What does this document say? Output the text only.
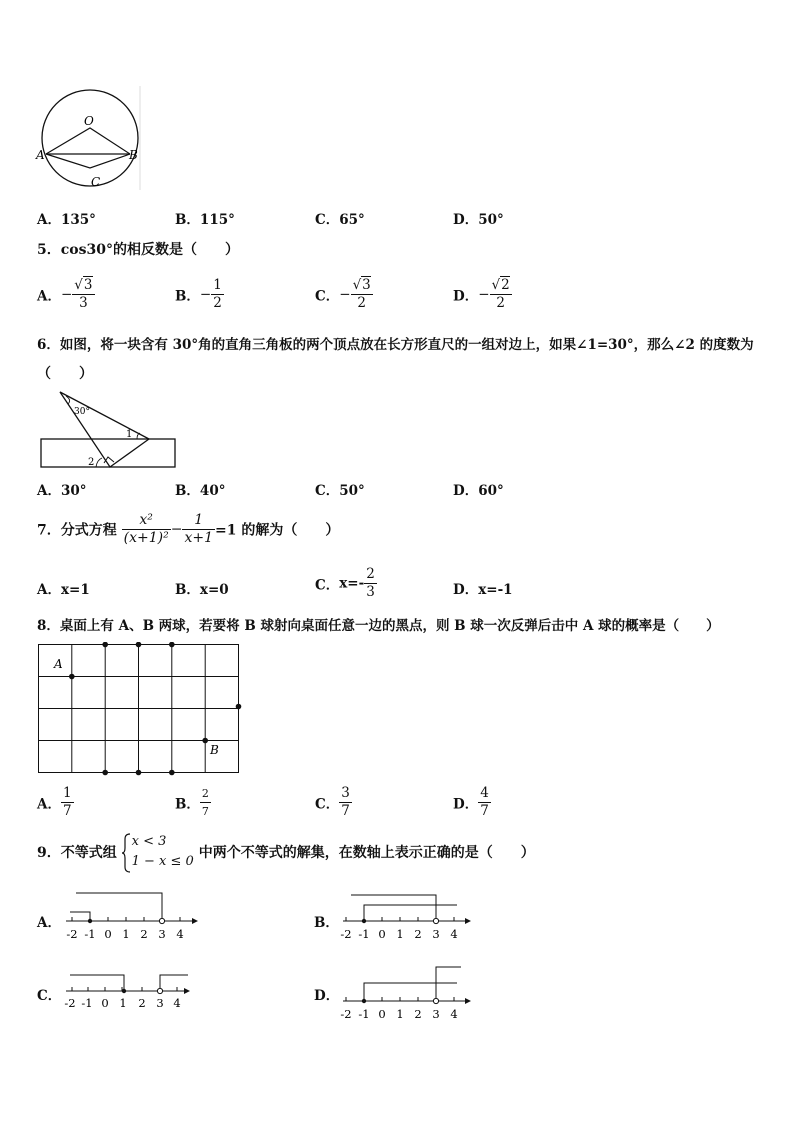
O
A	B
C
A．135°	B．115°	C．65°	D．50°
5．cos30°的相反数是（　　）
A．− $\frac{√3}{3}$	B．− $\frac{1}{2}$	C．− $\frac{√3}{2}$	D．− $\frac{√2}{2}$
6．如图，将一块含有 30°角的直角三角板的两个顶点放在长方形直尺的一组对边上，如果∠1=30°，那么∠2 的度数为
（　　）
30°
1
2
A．30°	B．40°	C．50°	D．60°
7．分式方程 $\frac{\text{x²}}{\text{(x+1)²}} - \frac{1}{x+1} =1$ 的解为（　　）
A．x=1	B．x=0	C．$x=- \frac{2}{3}$	D．x=-1
8．桌面上有 A、B 两球，若要将 B 球射向桌面任意一边的黑点，则 B 球一次反弹后击中 A 球的概率是（　　）
A
B
A． $\frac{1}{7}$	B． $\frac{2}{7}$	C． $\frac{3}{7}$	D． $\frac{4}{7}$
9．不等式组
x < 3
1 − x ≤ 0
中两个不等式的解集，在数轴上表示正确的是（　　）
A．	B．
C．	D．
-2 -1 0 1 2 3 4	-2 -1 0 1 2 3 4
-2 -1 0 1 2 3 4
-2 -1 0 1 2 3 4
